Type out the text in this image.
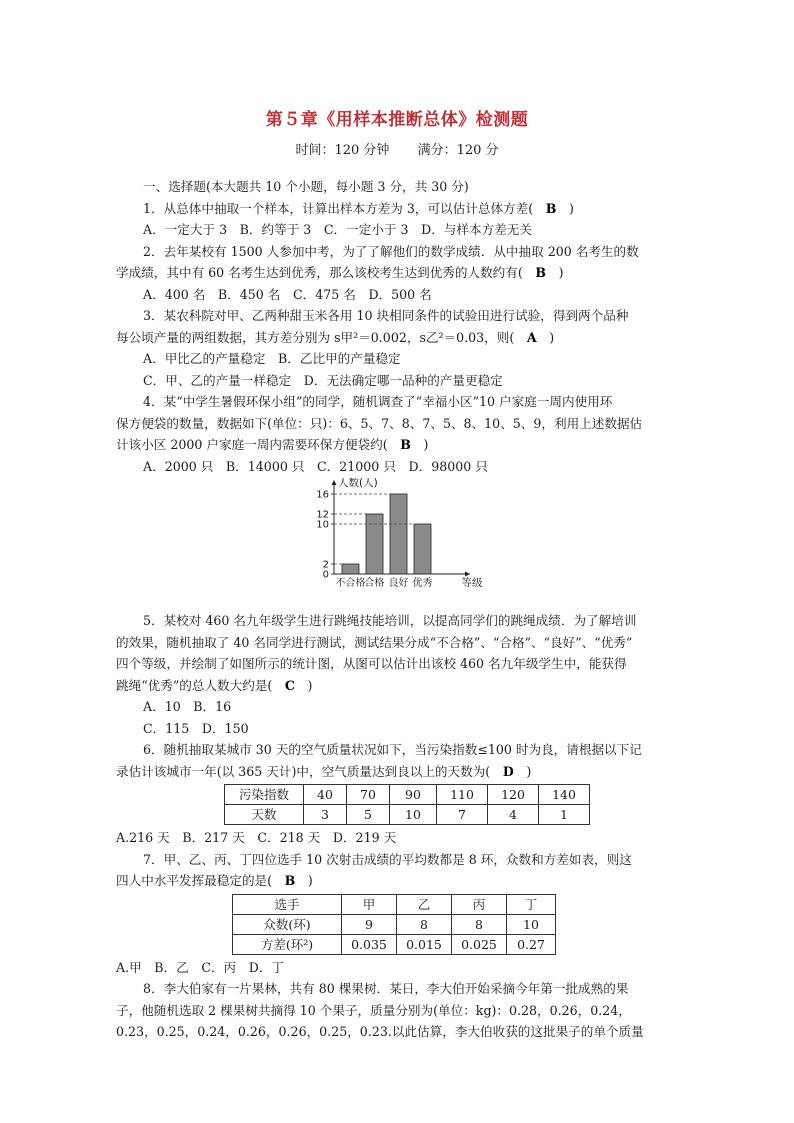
第５章《用样本推断总体》检测题
时间：120 分钟 满分：120 分

一、选择题(本大题共 10 个小题，每小题 3 分，共 30 分)

1．从总体中抽取一个样本，计算出样本方差为 3，可以估计总体方差(　 B　 )

A．一定大于 3　B．约等于 3　C．一定小于 3　D．与样本方差无关

2．去年某校有 1500 人参加中考，为了了解他们的数学成绩．从中抽取 200 名考生的数

学成绩，其中有 60 名考生达到优秀，那么该校考生达到优秀的人数约有(　 B　 )

A．400 名　B．450 名　C．475 名　D．500 名

3．某农科院对甲、乙两种甜玉米各用 10 块相同条件的试验田进行试验，得到两个品种

每公顷产量的两组数据，其方差分别为 s甲²＝0.002，s乙²＝0.03，则(　 A　 )

A．甲比乙的产量稳定　B．乙比甲的产量稳定

C．甲、乙的产量一样稳定　D．无法确定哪一品种的产量更稳定

4．某“中学生暑假环保小组”的同学，随机调查了“幸福小区”10 户家庭一周内使用环

保方便袋的数量，数据如下(单位：只)：6、5、7、8、7、5、8、10、5、9，利用上述数据估

计该小区 2000 户家庭一周内需要环保方便袋约(　 B　 )

A．2000 只　B．14000 只　C．21000 只　D．98000 只

人数(人)
等级
0
2
10
12
16
不合格 合格 良好 优秀

5．某校对 460 名九年级学生进行跳绳技能培训，以提高同学们的跳绳成绩．为了解培训

的效果，随机抽取了 40 名同学进行测试，测试结果分成“不合格”、“合格”、“良好”、“优秀”

四个等级，并绘制了如图所示的统计图，从图可以估计出该校 460 名九年级学生中，能获得

跳绳“优秀”的总人数大约是(　 C　 )

A．10　B．16

C．115　D．150

6．随机抽取某城市 30 天的空气质量状况如下，当污染指数≤100 时为良，请根据以下记

录估计该城市一年(以 365 天计)中，空气质量达到良以上的天数为(　 D　 )

污染指数	40	70	90	110	120	140
天数	3	5	10	7	4	1

A.216 天　B．217 天　C．218 天　D．219 天

7．甲、乙、丙、丁四位选手 10 次射击成绩的平均数都是 8 环，众数和方差如表，则这

四人中水平发挥最稳定的是(　 B　 )

选手	甲	乙	丙	丁
众数(环)	9	8	8	10
方差(环²)	0.035	0.015	0.025	0.27

A.甲　B．乙　C．丙　D．丁

8．李大伯家有一片果林，共有 80 棵果树．某日，李大伯开始采摘今年第一批成熟的果

子，他随机选取 2 棵果树共摘得 10 个果子，质量分别为(单位：kg)：0.28，0.26，0.24，

0.23，0.25，0.24，0.26，0.26，0.25，0.23.以此估算，李大伯收获的这批果子的单个质量
